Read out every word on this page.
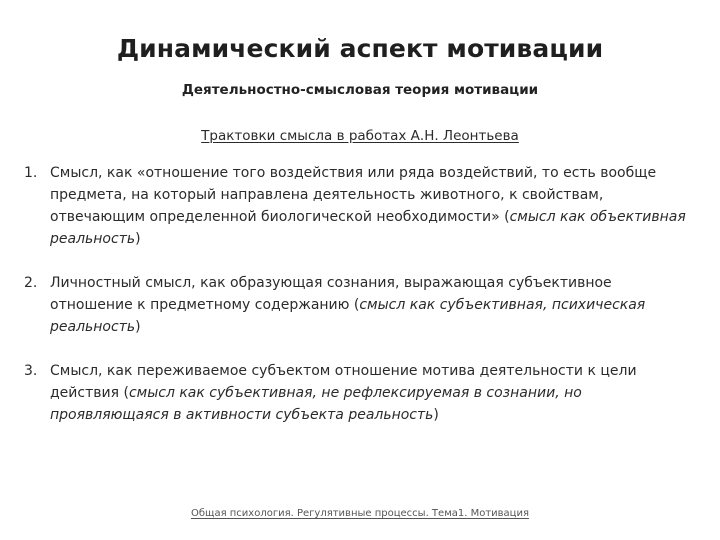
Динамический аспект мотивации
Деятельностно-смысловая теория мотивации
Трактовки смысла в работах А.Н. Леонтьева
1. Смысл, как «отношение того воздействия или ряда воздействий, то есть вообще предмета, на который направлена деятельность животного, к свойствам, отвечающим определенной биологической необходимости» (смысл как объективная реальность)
2. Личностный смысл, как образующая сознания, выражающая субъективное отношение к предметному содержанию (смысл как субъективная, психическая реальность)
3. Смысл, как переживаемое субъектом отношение мотива деятельности к цели действия (смысл как субъективная, не рефлексируемая в сознании, но проявляющаяся в активности субъекта реальность)
Общая психология. Регулятивные процессы. Тема1. Мотивация
